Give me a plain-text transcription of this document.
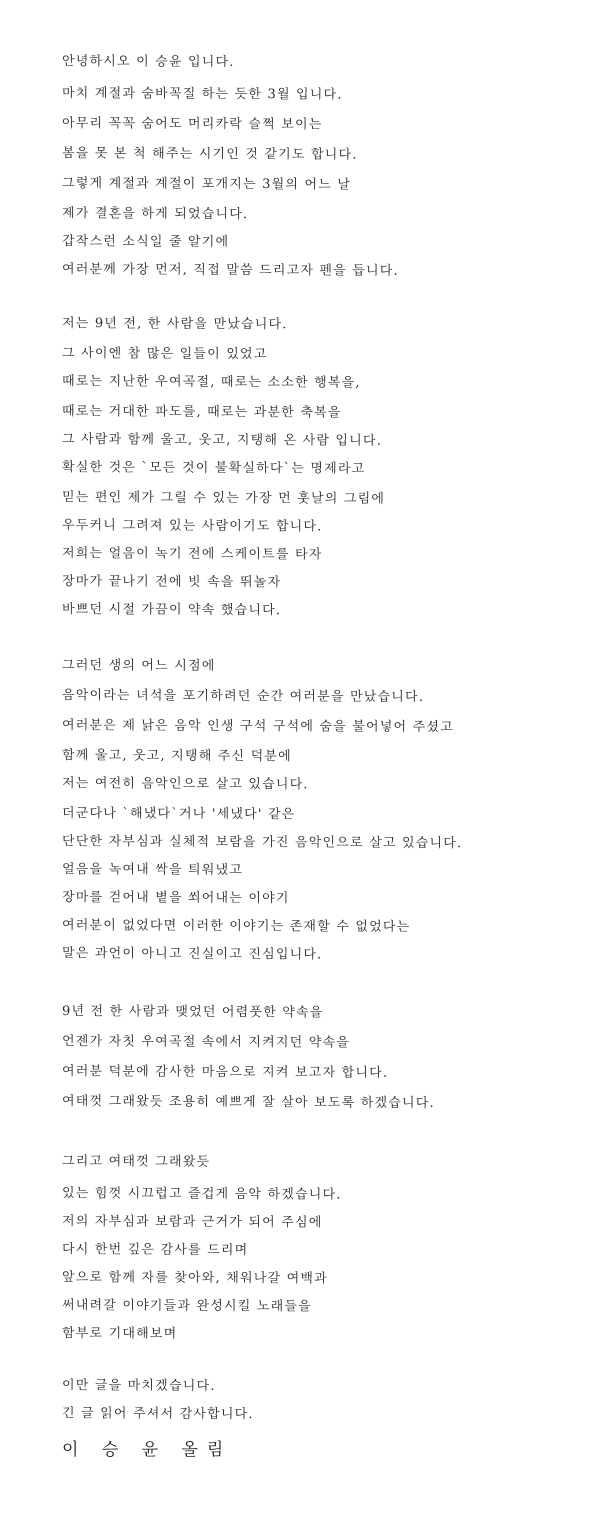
안녕하시오 이 승윤 입니다.
마치 계절과 숨바꼭질 하는 듯한 3월 입니다.
아무리 꼭꼭 숨어도 머리카락 슬쩍 보이는
봄을 못 본 척 해주는 시기인 것 같기도 합니다.
그렇게 계절과 계절이 포개지는 3월의 어느 날
제가 결혼을 하게 되었습니다.
갑작스런 소식일 줄 알기에
여러분께 가장 먼저, 직접 말씀 드리고자 펜을 듭니다.
저는 9년 전, 한 사람을 만났습니다.
그 사이엔 참 많은 일들이 있었고
때로는 지난한 우여곡절, 때로는 소소한 행복을,
때로는 거대한 파도를, 때로는 과분한 축복을
그 사람과 함께 울고, 웃고, 지탱해 온 사람 입니다.
확실한 것은 `모든 것이 불확실하다`는 명제라고
믿는 편인 제가 그릴 수 있는 가장 먼 훗날의 그림에
우두커니 그려져 있는 사람이기도 합니다.
저희는 얼음이 녹기 전에 스케이트를 타자
장마가 끝나기 전에 빗 속을 뛰놀자
바쁘던 시절 가끔이 약속 했습니다.
그러던 생의 어느 시점에
음악이라는 녀석을 포기하려던 순간 여러분을 만났습니다.
여러분은 제 낡은 음악 인생 구석 구석에 숨을 불어넣어 주셨고
함께 울고, 웃고, 지탱해 주신 덕분에
저는 여전히 음악인으로 살고 있습니다.
더군다나 `해냈다`거나 '세냈다' 같은
단단한 자부심과 실체적 보람을 가진 음악인으로 살고 있습니다.
얼음을 녹여내 싹을 틔워냈고
장마를 걷어내 볕을 쐬어내는 이야기
여러분이 없었다면 이러한 이야기는 존재할 수 없었다는
말은 과언이 아니고 진실이고 진심입니다.
9년 전 한 사람과 맺었던 어렴풋한 약속을
언젠가 자칫 우여곡절 속에서 지켜지던 약속을
여러분 덕분에 감사한 마음으로 지켜 보고자 합니다.
여태껏 그래왔듯 조용히 예쁘게 잘 살아 보도록 하겠습니다.
그리고 여태껏 그래왔듯
있는 힘껏 시끄럽고 즐겁게 음악 하겠습니다.
저의 자부심과 보람과 근거가 되어 주심에
다시 한번 깊은 감사를 드리며
앞으로 함께 자를 찾아와, 채워나갈 여백과
써내려갈 이야기들과 완성시킬 노래들을
함부로 기대해보며
이만 글을 마치겠습니다.
긴 글 읽어 주셔서 감사합니다.
이 승 윤 올림
